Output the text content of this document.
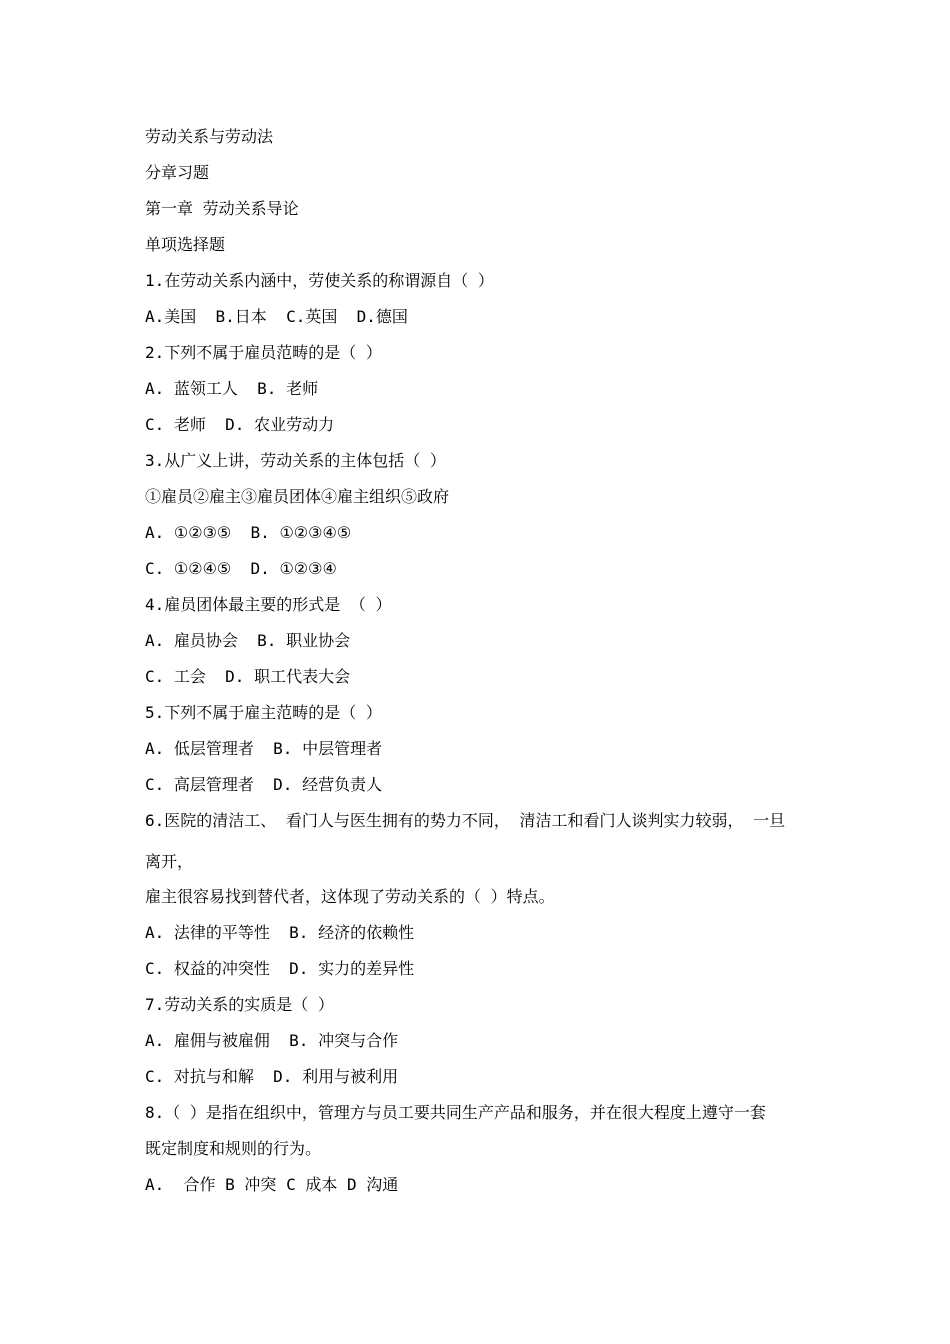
劳动关系与劳动法
分章习题
第一章 劳动关系导论
单项选择题
1.在劳动关系内涵中，劳使关系的称谓源自（ ）
A.美国  B.日本  C.英国  D.德国
2.下列不属于雇员范畴的是（ ）
A. 蓝领工人  B. 老师
C. 老师  D. 农业劳动力
3.从广义上讲，劳动关系的主体包括（ ）
①雇员②雇主③雇员团体④雇主组织⑤政府
A. ①②③⑤  B. ①②③④⑤
C. ①②④⑤  D. ①②③④
4.雇员团体最主要的形式是 （ ）
A. 雇员协会  B. 职业协会
C. 工会  D. 职工代表大会
5.下列不属于雇主范畴的是（ ）
A. 低层管理者  B. 中层管理者
C. 高层管理者  D. 经营负责人
6.医院的清洁工、 看门人与医生拥有的势力不同， 清洁工和看门人谈判实力较弱， 一旦
离开，
雇主很容易找到替代者，这体现了劳动关系的（ ）特点。
A. 法律的平等性  B. 经济的依赖性
C. 权益的冲突性  D. 实力的差异性
7.劳动关系的实质是（ ）
A. 雇佣与被雇佣  B. 冲突与合作
C. 对抗与和解  D. 利用与被利用
8.（ ）是指在组织中，管理方与员工要共同生产产品和服务，并在很大程度上遵守一套
既定制度和规则的行为。
A.  合作 B 冲突 C 成本 D 沟通
